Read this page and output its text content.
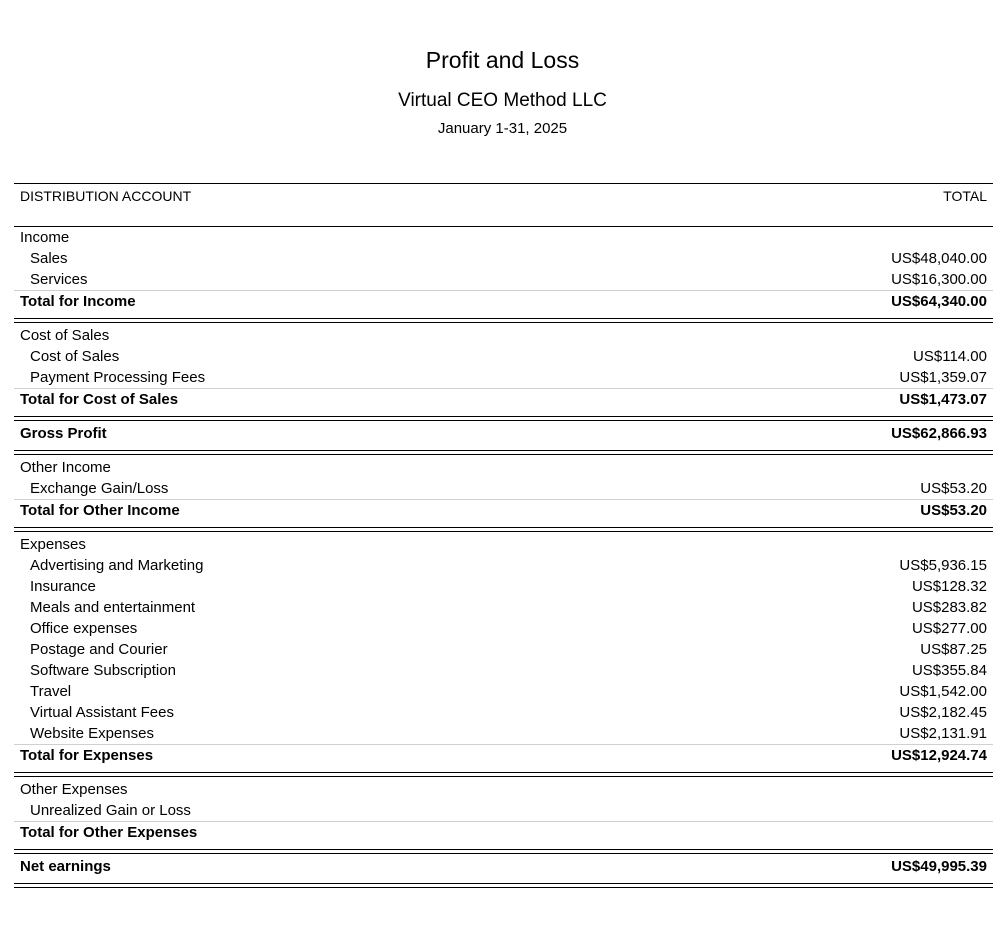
Profit and Loss
Virtual CEO Method LLC
January 1-31, 2025
DISTRIBUTION ACCOUNT	TOTAL
Income
Sales	US$48,040.00
Services	US$16,300.00
Total for Income	US$64,340.00
Cost of Sales
Cost of Sales	US$114.00
Payment Processing Fees	US$1,359.07
Total for Cost of Sales	US$1,473.07
Gross Profit	US$62,866.93
Other Income
Exchange Gain/Loss	US$53.20
Total for Other Income	US$53.20
Expenses
Advertising and Marketing	US$5,936.15
Insurance	US$128.32
Meals and entertainment	US$283.82
Office expenses	US$277.00
Postage and Courier	US$87.25
Software Subscription	US$355.84
Travel	US$1,542.00
Virtual Assistant Fees	US$2,182.45
Website Expenses	US$2,131.91
Total for Expenses	US$12,924.74
Other Expenses
Unrealized Gain or Loss
Total for Other Expenses
Net earnings	US$49,995.39
